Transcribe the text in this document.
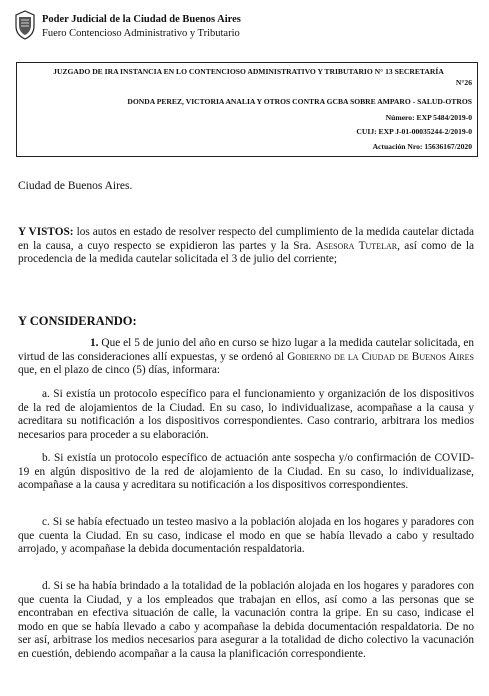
Poder Judicial de la Ciudad de Buenos Aires
Fuero Contencioso Administrativo y Tributario
JUZGADO DE IRA INSTANCIA EN LO CONTENCIOSO ADMINISTRATIVO Y TRIBUTARIO N° 13 SECRETARÍA
N°26
DONDA PEREZ, VICTORIA ANALIA Y OTROS CONTRA GCBA SOBRE AMPARO - SALUD-OTROS
Número: EXP 5484/2019-0
CUIJ: EXP J-01-00035244-2/2019-0
Actuación Nro: 15636167/2020
Ciudad de Buenos Aires.

Y VISTOS: los autos en estado de resolver respecto del cumplimiento de la medida cautelar dictada en la causa, a cuyo respecto se expidieron las partes y la Sra. Asesora Tutelar, así como de la procedencia de la medida cautelar solicitada el 3 de julio del corriente;

Y CONSIDERANDO:

1. Que el 5 de junio del año en curso se hizo lugar a la medida cautelar solicitada, en virtud de las consideraciones allí expuestas, y se ordenó al Gobierno de la Ciudad de Buenos Aires que, en el plazo de cinco (5) días, informara:

a. Si existía un protocolo específico para el funcionamiento y organización de los dispositivos de la red de alojamientos de la Ciudad. En su caso, lo individualizase, acompañase a la causa y acreditara su notificación a los dispositivos correspondientes. Caso contrario, arbitrara los medios necesarios para proceder a su elaboración.

b. Si existía un protocolo específico de actuación ante sospecha y/o confirmación de COVID-19 en algún dispositivo de la red de alojamiento de la Ciudad. En su caso, lo individualizase, acompañase a la causa y acreditara su notificación a los dispositivos correspondientes.

c. Si se había efectuado un testeo masivo a la población alojada en los hogares y paradores con que cuenta la Ciudad. En su caso, indicase el modo en que se había llevado a cabo y resultado arrojado, y acompañase la debida documentación respaldatoria.

d. Si se ha había brindado a la totalidad de la población alojada en los hogares y paradores con que cuenta la Ciudad, y a los empleados que trabajan en ellos, así como a las personas que se encontraban en efectiva situación de calle, la vacunación contra la gripe. En su caso, indicase el modo en que se había llevado a cabo y acompañase la debida documentación respaldatoria. De no ser así, arbitrase los medios necesarios para asegurar a la totalidad de dicho colectivo la vacunación en cuestión, debiendo acompañar a la causa la planificación correspondiente.
